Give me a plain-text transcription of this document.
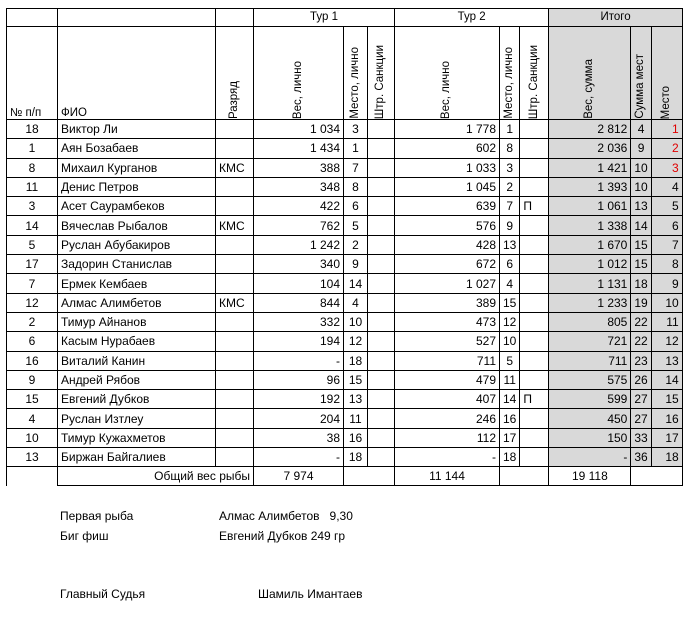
			Тур 1			Тур 2			Итого		
№ п/п	ФИО	Разряд	Вес, лично	Место, лично	Штр. Санкции	Вес, лично	Место, лично	Штр. Санкции	Вес, сумма	Сумма мест	Место

18	Виктор Ли		1 034	3		1 778	1		2 812	4	1
1	Аян Бозабаев		1 434	1		602	8		2 036	9	2
8	Михаил Курганов	КМС	388	7		1 033	3		1 421	10	3
11	Денис Петров		348	8		1 045	2		1 393	10	4
3	Асет Саурамбеков		422	6		639	7	П	1 061	13	5
14	Вячеслав Рыбалов	КМС	762	5		576	9		1 338	14	6
5	Руслан Абубакиров		1 242	2		428	13		1 670	15	7
17	Задорин Станислав		340	9		672	6		1 012	15	8
7	Ермек Кембаев		104	14		1 027	4		1 131	18	9
12	Алмас Алимбетов	КМС	844	4		389	15		1 233	19	10
2	Тимур Айнанов		332	10		473	12		805	22	11
6	Касым Нурабаев		194	12		527	10		721	22	12
16	Виталий Канин		-	18		711	5		711	23	13
9	Андрей Рябов		96	15		479	11		575	26	14
15	Евгений Дубков		192	13		407	14	П	599	27	15
4	Руслан Изтлеу		204	11		246	16		450	27	16
10	Тимур Кужахметов		38	16		112	17		150	33	17
13	Биржан Байгалиев		-	18		-	18		-	36	18
	Общий вес рыбы		7 974			11 144			19 118		
Первая рыба	Алмас Алимбетов   9,30
Биг фиш	Евгений Дубков 249 гр
Главный Судья	Шамиль Имантаев
